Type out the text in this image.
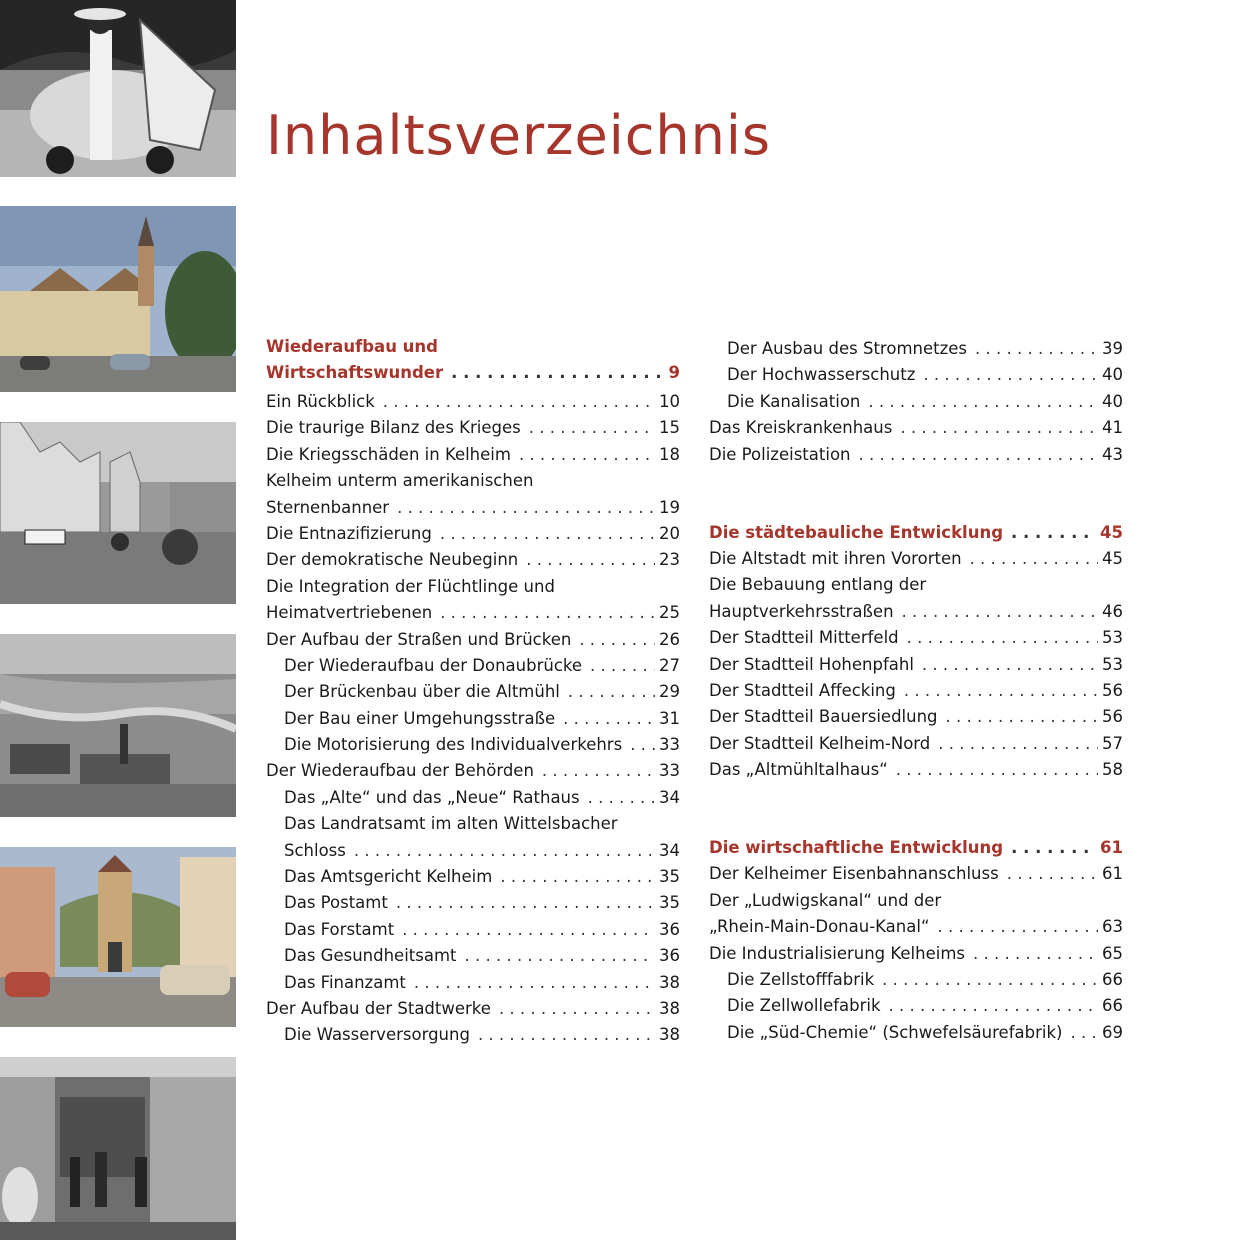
Inhaltsverzeichnis
Wiederaufbau und
Wirtschaftswunder . . .	9
Ein Rückblick . . .	10
Die traurige Bilanz des Krieges . . .	15
Die Kriegsschäden in Kelheim . . .	18
Kelheim unterm amerikanischen
Sternenbanner . . .	19
Die Entnazifizierung . . .	20
Der demokratische Neubeginn . . .	23
Die Integration der Flüchtlinge und
Heimatvertriebenen . . .	25
Der Aufbau der Straßen und Brücken . . .	26
Der Wiederaufbau der Donaubrücke . . .	27
Der Brückenbau über die Altmühl . . .	29
Der Bau einer Umgehungsstraße . . .	31
Die Motorisierung des Individualverkehrs . . . 33
Der Wiederaufbau der Behörden . . .	33
Das „Alte“ und das „Neue“ Rathaus . . .	34
Das Landratsamt im alten Wittelsbacher
Schloss . . .	34
Das Amtsgericht Kelheim . . .	35
Das Postamt . . .	35
Das Forstamt . . .	36
Das Gesundheitsamt . . .	36
Das Finanzamt . . .	38
Der Aufbau der Stadtwerke . . .	38
Die Wasserversorgung . . .	38
Der Ausbau des Stromnetzes . . .	39
Der Hochwasserschutz . . .	40
Die Kanalisation . . .	40
Das Kreiskrankenhaus . . .	41
Die Polizeistation . . .	43
Die städtebauliche Entwicklung . . .	45
Die Altstadt mit ihren Vororten . . .	45
Die Bebauung entlang der
Hauptverkehrsstraßen . . .	46
Der Stadtteil Mitterfeld . . .	53
Der Stadtteil Hohenpfahl . . .	53
Der Stadtteil Affecking . . .	56
Der Stadtteil Bauersiedlung . . .	56
Der Stadtteil Kelheim-Nord . . .	57
Das „Altmühltalhaus“ . . .	58
Die wirtschaftliche Entwicklung . . .	61
Der Kelheimer Eisenbahnanschluss . . .	61
Der „Ludwigskanal“ und der
„Rhein-Main-Donau-Kanal“ . . .	63
Die Industrialisierung Kelheims . . .	65
Die Zellstofffabrik . . .	66
Die Zellwollefabrik . . .	66
Die „Süd-Chemie“ (Schwefelsäurefabrik) . . . 69
